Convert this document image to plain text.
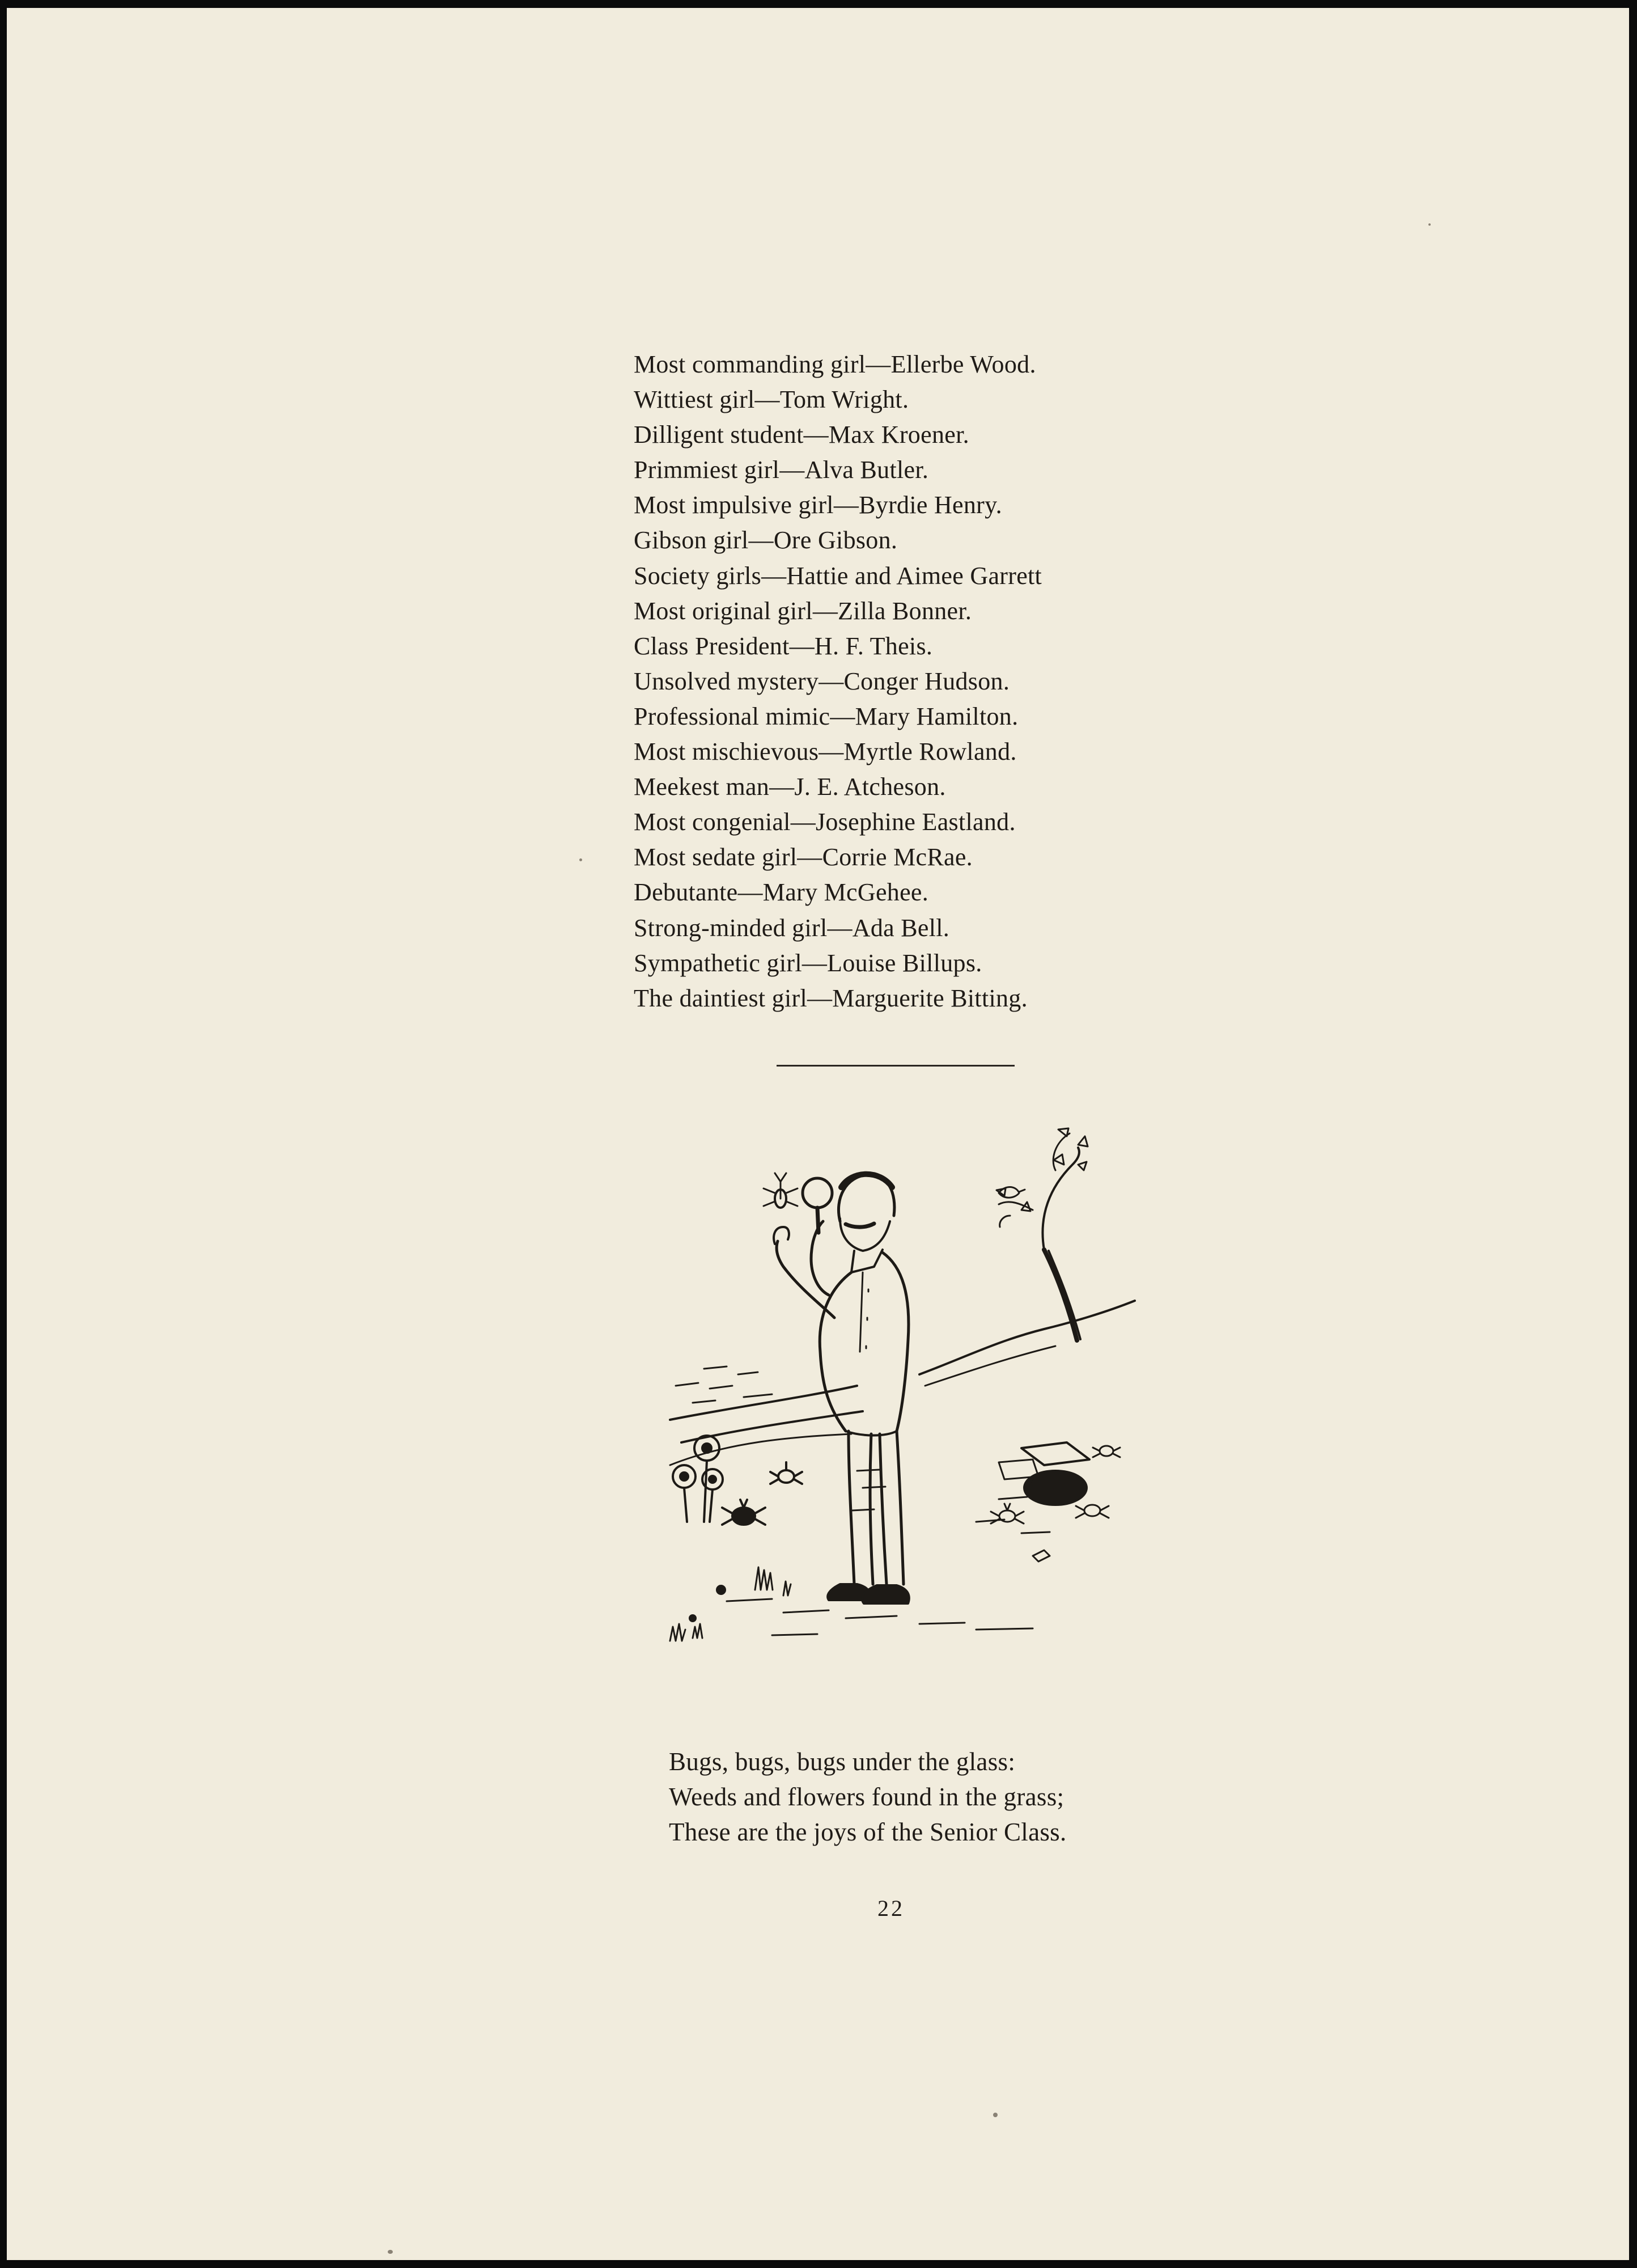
Most commanding girl—Ellerbe Wood.
Wittiest girl—Tom Wright.
Dilligent student—Max Kroener.
Primmiest girl—Alva Butler.
Most impulsive girl—Byrdie Henry.
Gibson girl—Ore Gibson.
Society girls—Hattie and Aimee Garrett
Most original girl—Zilla Bonner.
Class President—H. F. Theis.
Unsolved mystery—Conger Hudson.
Professional mimic—Mary Hamilton.
Most mischievous—Myrtle Rowland.
Meekest man—J. E. Atcheson.
Most congenial—Josephine Eastland.
Most sedate girl—Corrie McRae.
Debutante—Mary McGehee.
Strong-minded girl—Ada Bell.
Sympathetic girl—Louise Billups.
The daintiest girl—Marguerite Bitting.
Bugs, bugs, bugs under the glass:
Weeds and flowers found in the grass;
These are the joys of the Senior Class.
22
